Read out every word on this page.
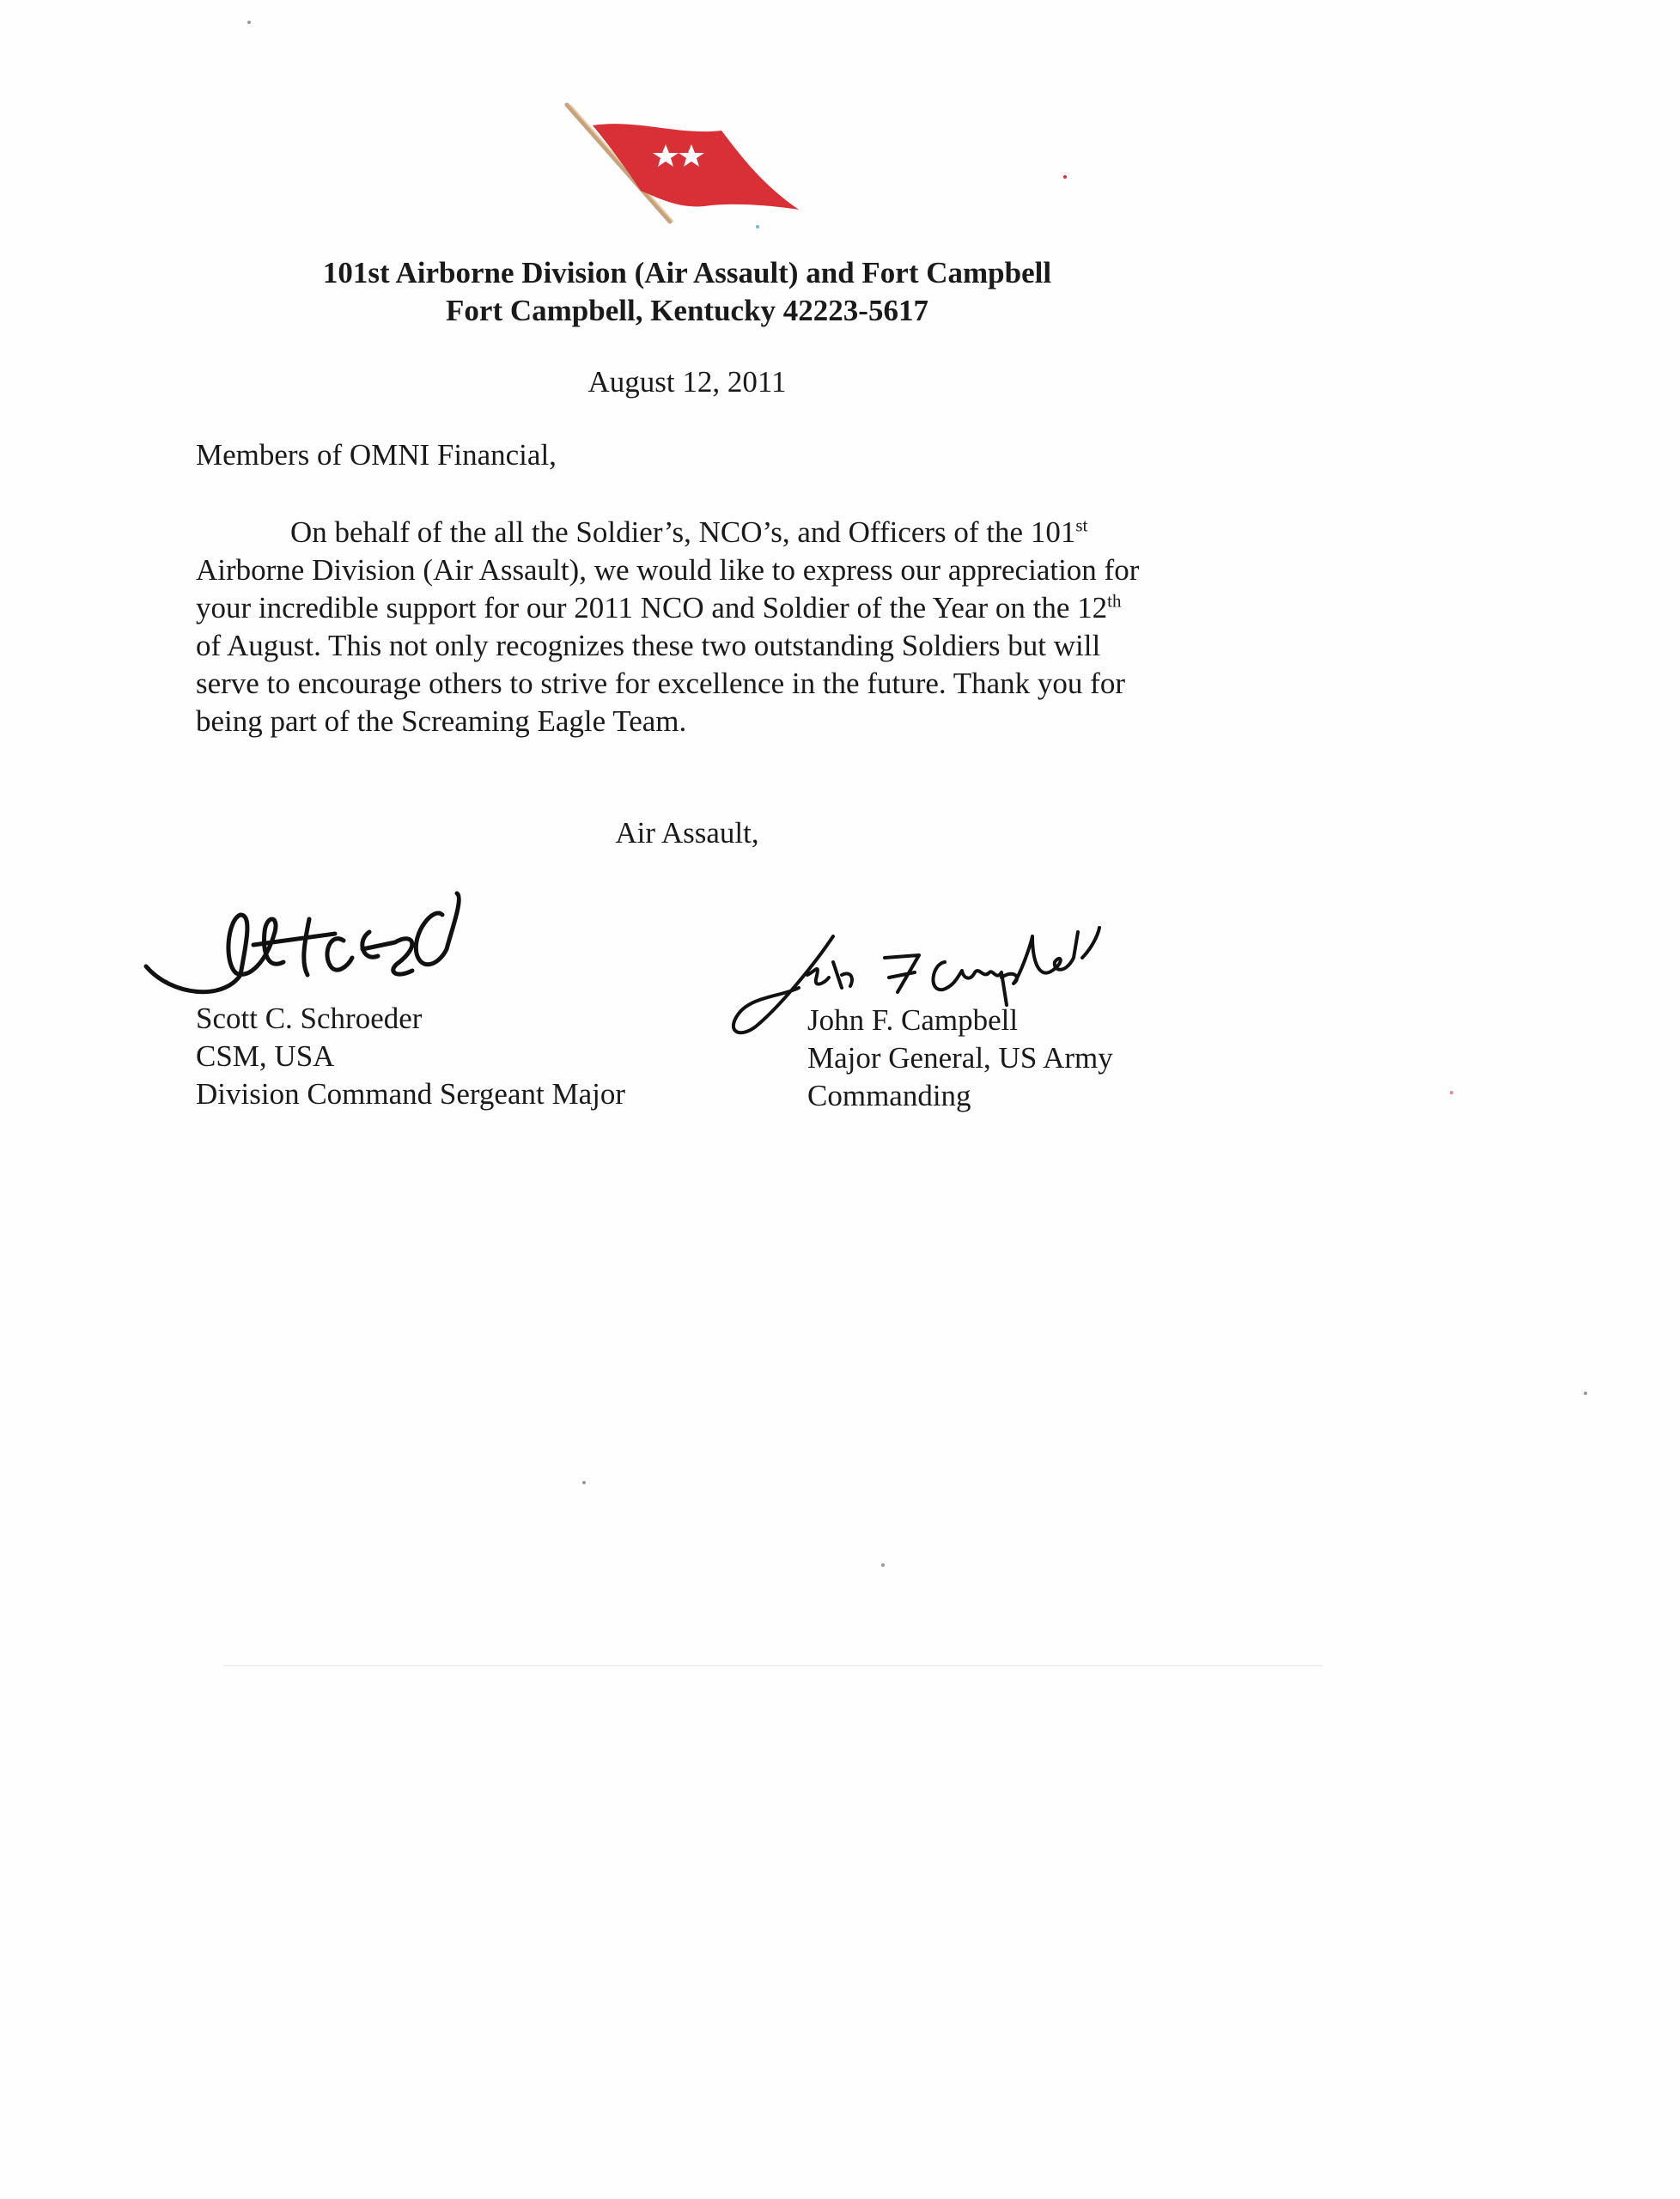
101st Airborne Division (Air Assault) and Fort Campbell
Fort Campbell, Kentucky 42223-5617
August 12, 2011
Members of OMNI Financial,
On behalf of the all the Soldier’s, NCO’s, and Officers of the 101st
Airborne Division (Air Assault), we would like to express our appreciation for
your incredible support for our 2011 NCO and Soldier of the Year on the 12th
of August. This not only recognizes these two outstanding Soldiers but will
serve to encourage others to strive for excellence in the future. Thank you for
being part of the Screaming Eagle Team.
Air Assault,
Scott C. Schroeder
CSM, USA
Division Command Sergeant Major
John F. Campbell
Major General, US Army
Commanding
